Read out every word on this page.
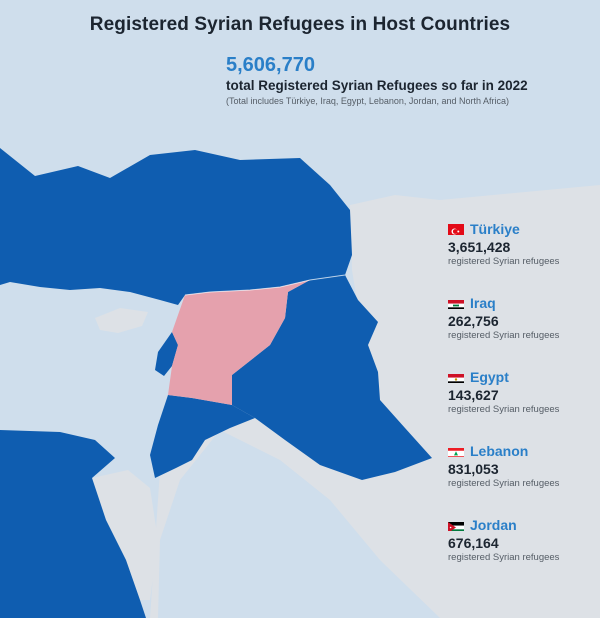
Registered Syrian Refugees in Host Countries
5,606,770
total Registered Syrian Refugees so far in 2022
(Total includes Türkiye, Iraq, Egypt, Lebanon, Jordan, and North Africa)
Türkiye
3,651,428
registered Syrian refugees
Iraq
262,756
registered Syrian refugees
Egypt
143,627
registered Syrian refugees
Lebanon
831,053
registered Syrian refugees
Jordan
676,164
registered Syrian refugees
